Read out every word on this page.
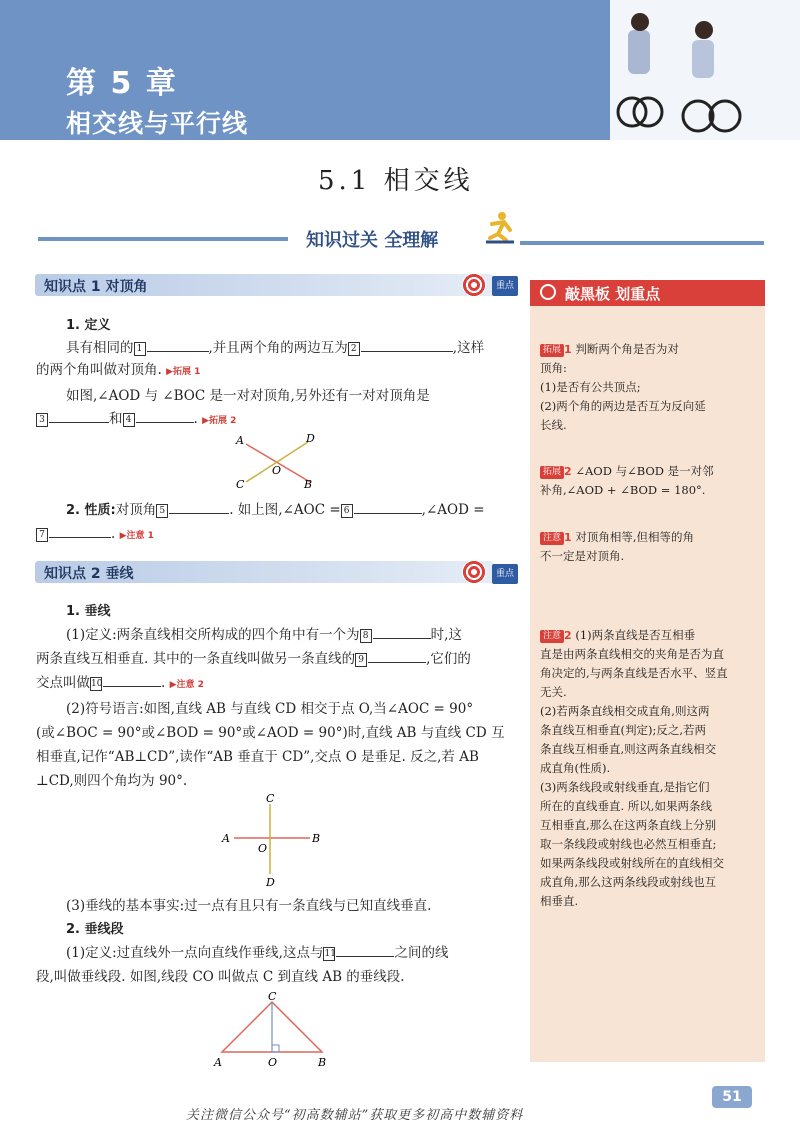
第 5 章
相交线与平行线
5.1 相交线
知识过关 全理解
知识点 1 对顶角	重点
1. 定义
具有相同的 1	,并且两个角的两边互为 2	,这样
的两个角叫做对顶角. ▶拓展 1
如图,∠AOD 与 ∠BOC 是一对对顶角,另外还有一对对顶角是
3	和 4	. ▶拓展 2
A	D
O
C	B
2. 性质:对顶角 5	. 如上图,∠AOC = 6	,∠AOD =
7	. ▶注意 1
知识点 2 垂线	重点
1. 垂线
(1)定义:两条直线相交所构成的四个角中有一个为 8	时,这
两条直线互相垂直. 其中的一条直线叫做另一条直线的 9	,它们的
交点叫做10	. ▶注意 2
(2)符号语言:如图,直线 AB 与直线 CD 相交于点 O,当∠AOC = 90°
(或∠BOC = 90°或∠BOD = 90°或∠AOD = 90°)时,直线 AB 与直线 CD 互
相垂直,记作“AB⊥CD”,读作“AB 垂直于 CD”,交点 O 是垂足. 反之,若 AB
⊥CD,则四个角均为 90°.
C
A	B
O
D
(3)垂线的基本事实:过一点有且只有一条直线与已知直线垂直.
2. 垂线段
(1)定义:过直线外一点向直线作垂线,这点与11	之间的线
段,叫做垂线段. 如图,线段 CO 叫做点 C 到直线 AB 的垂线段.
C
A	O	B
敲黑板 划重点
拓展 1 判断两个角是否为对
顶角:
(1)是否有公共顶点;
(2)两个角的两边是否互为反向延
长线.
拓展 2 ∠AOD 与∠BOD 是一对邻
补角,∠AOD + ∠BOD = 180°.
注意 1 对顶角相等,但相等的角
不一定是对顶角.
注意 2 (1)两条直线是否互相垂
直是由两条直线相交的夹角是否为直
角决定的,与两条直线是否水平、竖直
无关.
(2)若两条直线相交成直角,则这两
条直线互相垂直(判定);反之,若两
条直线互相垂直,则这两条直线相交
成直角(性质).
(3)两条线段或射线垂直,是指它们
所在的直线垂直. 所以,如果两条线
互相垂直,那么在这两条直线上分别
取一条线段或射线也必然互相垂直;
如果两条线段或射线所在的直线相交
成直角,那么这两条线段或射线也互
相垂直.
51
关注微信公众号“初高数辅站”获取更多初高中数辅资料
